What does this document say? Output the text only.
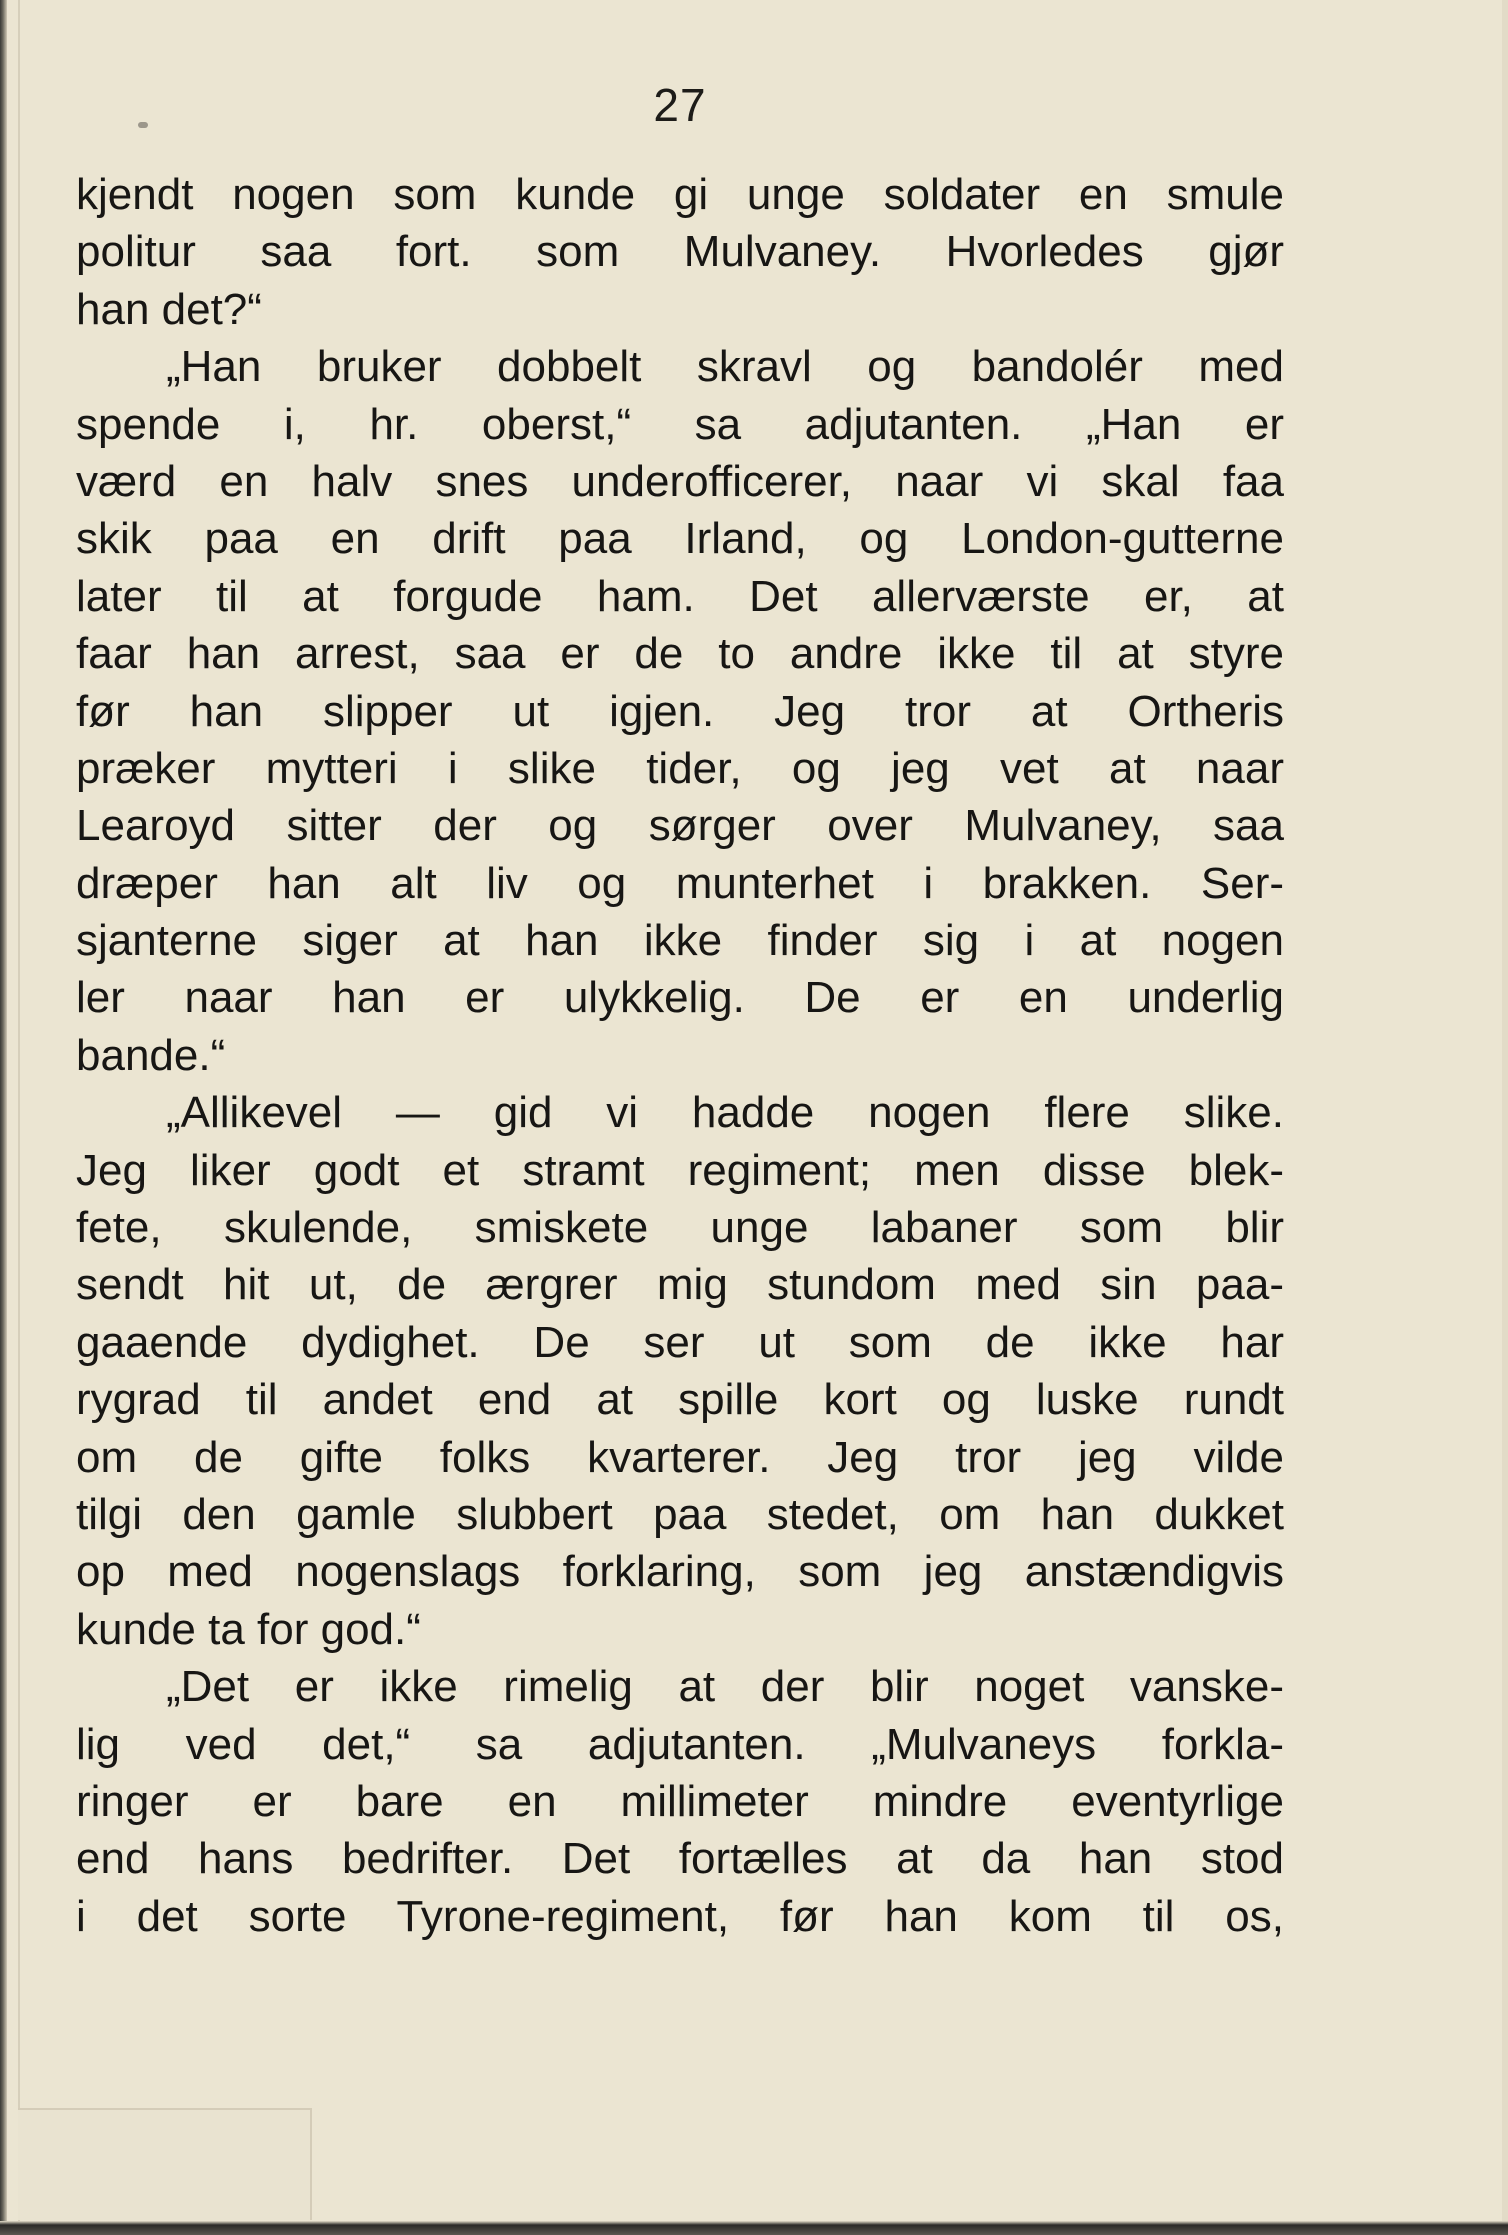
27
kjendt nogen som kunde gi unge soldater en smule
politur saa fort. som Mulvaney. Hvorledes gjør
han det?“
„Han bruker dobbelt skravl og bandolér med
spende i, hr. oberst,“ sa adjutanten. „Han er
værd en halv snes underofficerer, naar vi skal faa
skik paa en drift paa Irland, og London-gutterne
later til at forgude ham. Det allerværste er, at
faar han arrest, saa er de to andre ikke til at styre
før han slipper ut igjen. Jeg tror at Ortheris
præker mytteri i slike tider, og jeg vet at naar
Learoyd sitter der og sørger over Mulvaney, saa
dræper han alt liv og munterhet i brakken. Ser-
sjanterne siger at han ikke finder sig i at nogen
ler naar han er ulykkelig. De er en underlig
bande.“
„Allikevel — gid vi hadde nogen flere slike.
Jeg liker godt et stramt regiment; men disse blek-
fete, skulende, smiskete unge labaner som blir
sendt hit ut, de ærgrer mig stundom med sin paa-
gaaende dydighet. De ser ut som de ikke har
rygrad til andet end at spille kort og luske rundt
om de gifte folks kvarterer. Jeg tror jeg vilde
tilgi den gamle slubbert paa stedet, om han dukket
op med nogenslags forklaring, som jeg anstændigvis
kunde ta for god.“
„Det er ikke rimelig at der blir noget vanske-
lig ved det,“ sa adjutanten. „Mulvaneys forkla-
ringer er bare en millimeter mindre eventyrlige
end hans bedrifter. Det fortælles at da han stod
i det sorte Tyrone-regiment, før han kom til os,
